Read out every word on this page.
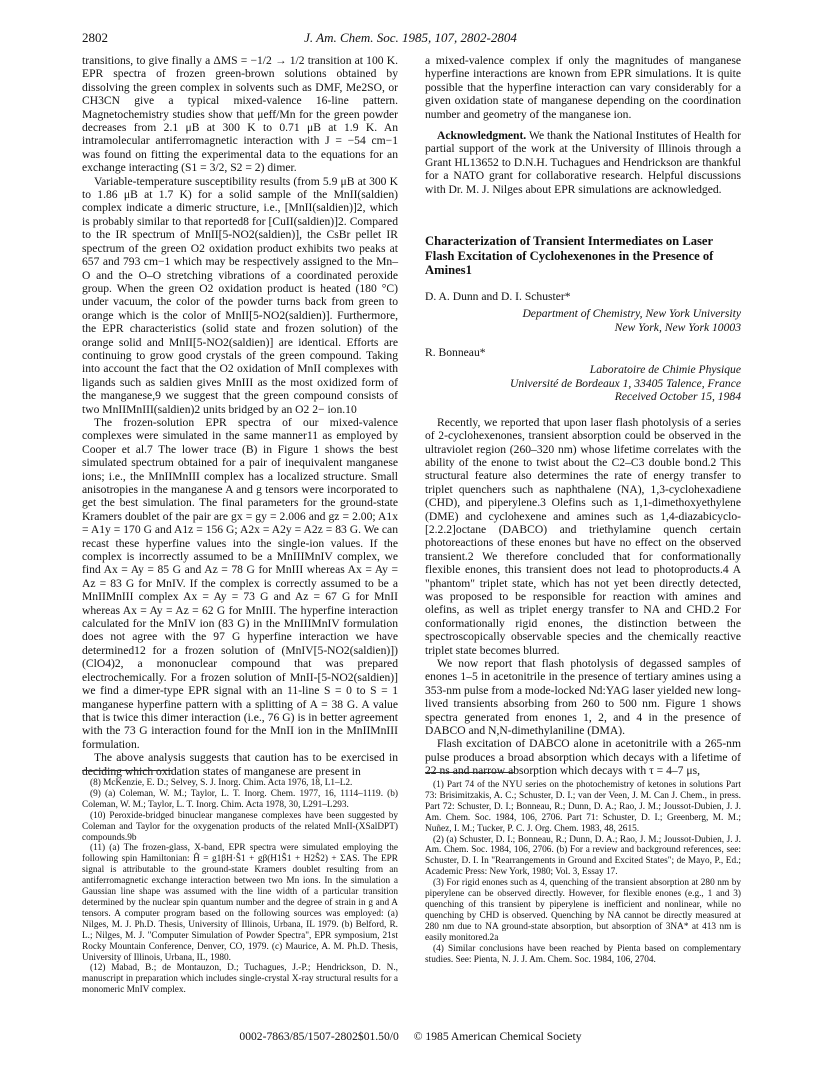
2802	J. Am. Chem. Soc. 1985, 107, 2802-2804

transitions, to give finally a ΔMS = −1/2 → 1/2 transition at 100 K. EPR spectra of frozen green-brown solutions obtained by dissolving the green complex in solvents such as DMF, Me2SO, or CH3CN give a typical mixed-valence 16-line pattern. Magnetochemistry studies show that μeff/Mn for the green powder decreases from 2.1 μB at 300 K to 0.71 μB at 1.9 K. An intramolecular antiferromagnetic interaction with J = −54 cm−1 was found on fitting the experimental data to the equations for an exchange interacting (S1 = 3/2, S2 = 2) dimer.

Variable-temperature susceptibility results (from 5.9 μB at 300 K to 1.86 μB at 1.7 K) for a solid sample of the MnII(saldien) complex indicate a dimeric structure, i.e., [MnII(saldien)]2, which is probably similar to that reported8 for [CuII(saldien)]2. Compared to the IR spectrum of MnII[5-NO2(saldien)], the CsBr pellet IR spectrum of the green O2 oxidation product exhibits two peaks at 657 and 793 cm−1 which may be respectively assigned to the Mn–O and the O–O stretching vibrations of a coordinated peroxide group. When the green O2 oxidation product is heated (180 °C) under vacuum, the color of the powder turns back from green to orange which is the color of MnII[5-NO2(saldien)]. Furthermore, the EPR characteristics (solid state and frozen solution) of the orange solid and MnII[5-NO2(saldien)] are identical. Efforts are continuing to grow good crystals of the green compound. Taking into account the fact that the O2 oxidation of MnII complexes with ligands such as saldien gives MnIII as the most oxidized form of the manganese,9 we suggest that the green compound consists of two MnIIMnIII(saldien)2 units bridged by an O2 2− ion.10

The frozen-solution EPR spectra of our mixed-valence complexes were simulated in the same manner11 as employed by Cooper et al.7 The lower trace (B) in Figure 1 shows the best simulated spectrum obtained for a pair of inequivalent manganese ions; i.e., the MnIIMnIII complex has a localized structure. Small anisotropies in the manganese A and g tensors were incorporated to get the best simulation. The final parameters for the ground-state Kramers doublet of the pair are gx = gy = 2.006 and gz = 2.00; A1x = A1y = 170 G and A1z = 156 G; A2x = A2y = A2z = 83 G. We can recast these hyperfine values into the single-ion values. If the complex is incorrectly assumed to be a MnIIIMnIV complex, we find Ax = Ay = 85 G and Az = 78 G for MnIII whereas Ax = Ay = Az = 83 G for MnIV. If the complex is correctly assumed to be a MnIIMnIII complex Ax = Ay = 73 G and Az = 67 G for MnII whereas Ax = Ay = Az = 62 G for MnIII. The hyperfine interaction calculated for the MnIV ion (83 G) in the MnIIIMnIV formulation does not agree with the 97 G hyperfine interaction we have determined12 for a frozen solution of (MnIV[5-NO2(saldien)])(ClO4)2, a mononuclear compound that was prepared electrochemically. For a frozen solution of MnII-[5-NO2(saldien)] we find a dimer-type EPR signal with an 11-line S = 0 to S = 1 manganese hyperfine pattern with a splitting of A = 38 G. A value that is twice this dimer interaction (i.e., 76 G) is in better agreement with the 73 G interaction found for the MnII ion in the MnIIMnIII formulation.

The above analysis suggests that caution has to be exercised in deciding which oxidation states of manganese are present in

(8) McKenzie, E. D.; Selvey, S. J. Inorg. Chim. Acta 1976, 18, L1–L2.

(9) (a) Coleman, W. M.; Taylor, L. T. Inorg. Chem. 1977, 16, 1114–1119. (b) Coleman, W. M.; Taylor, L. T. Inorg. Chim. Acta 1978, 30, L291–L293.

(10) Peroxide-bridged binuclear manganese complexes have been suggested by Coleman and Taylor for the oxygenation products of the related MnII-(XSalDPT) compounds.9b

(11) (a) The frozen-glass, X-band, EPR spectra were simulated employing the following spin Hamiltonian: Ĥ = g1βH·Ŝ1 + gβ(H1Ŝ1 + H2Ŝ2) + ΣAS. The EPR signal is attributable to the ground-state Kramers doublet resulting from an antiferromagnetic exchange interaction between two Mn ions. In the simulation a Gaussian line shape was assumed with the line width of a particular transition determined by the nuclear spin quantum number and the degree of strain in g and A tensors. A computer program based on the following sources was employed: (a) Nilges, M. J. Ph.D. Thesis, University of Illinois, Urbana, IL 1979. (b) Belford, R. L.; Nilges, M. J. "Computer Simulation of Powder Spectra", EPR symposium, 21st Rocky Mountain Conference, Denver, CO, 1979. (c) Maurice, A. M. Ph.D. Thesis, University of Illinois, Urbana, IL, 1980.

(12) Mabad, B.; de Montauzon, D.; Tuchagues, J.-P.; Hendrickson, D. N., manuscript in preparation which includes single-crystal X-ray structural results for a monomeric MnIV complex.

a mixed-valence complex if only the magnitudes of manganese hyperfine interactions are known from EPR simulations. It is quite possible that the hyperfine interaction can vary considerably for a given oxidation state of manganese depending on the coordination number and geometry of the manganese ion.

Acknowledgment. We thank the National Institutes of Health for partial support of the work at the University of Illinois through a Grant HL13652 to D.N.H. Tuchagues and Hendrickson are thankful for a NATO grant for collaborative research. Helpful discussions with Dr. M. J. Nilges about EPR simulations are acknowledged.

Characterization of Transient Intermediates on Laser Flash Excitation of Cyclohexenones in the Presence of Amines1

D. A. Dunn and D. I. Schuster*

Department of Chemistry, New York University

New York, New York 10003

R. Bonneau*

Laboratoire de Chimie Physique

Université de Bordeaux 1, 33405 Talence, France

Received October 15, 1984

Recently, we reported that upon laser flash photolysis of a series of 2-cyclohexenones, transient absorption could be observed in the ultraviolet region (260–320 nm) whose lifetime correlates with the ability of the enone to twist about the C2–C3 double bond.2 This structural feature also determines the rate of energy transfer to triplet quenchers such as naphthalene (NA), 1,3-cyclohexadiene (CHD), and piperylene.3 Olefins such as 1,1-dimethoxyethylene (DME) and cyclohexene and amines such as 1,4-diazabicyclo-[2.2.2]octane (DABCO) and triethylamine quench certain photoreactions of these enones but have no effect on the observed transient.2 We therefore concluded that for conformationally flexible enones, this transient does not lead to photoproducts.4 A "phantom" triplet state, which has not yet been directly detected, was proposed to be responsible for reaction with amines and olefins, as well as triplet energy transfer to NA and CHD.2 For conformationally rigid enones, the distinction between the spectroscopically observable species and the chemically reactive triplet state becomes blurred.

We now report that flash photolysis of degassed samples of enones 1–5 in acetonitrile in the presence of tertiary amines using a 353-nm pulse from a mode-locked Nd:YAG laser yielded new long-lived transients absorbing from 260 to 500 nm. Figure 1 shows spectra generated from enones 1, 2, and 4 in the presence of DABCO and N,N-dimethylaniline (DMA).

Flash excitation of DABCO alone in acetonitrile with a 265-nm pulse produces a broad absorption which decays with a lifetime of 22 ns and narrow absorption which decays with τ = 4–7 μs,

(1) Part 74 of the NYU series on the photochemistry of ketones in solutions Part 73: Brisimitzakis, A. C.; Schuster, D. I.; van der Veen, J. M. Can J. Chem., in press. Part 72: Schuster, D. I.; Bonneau, R.; Dunn, D. A.; Rao, J. M.; Joussot-Dubien, J. J. Am. Chem. Soc. 1984, 106, 2706. Part 71: Schuster, D. I.; Greenberg, M. M.; Nuñez, I. M.; Tucker, P. C. J. Org. Chem. 1983, 48, 2615.

(2) (a) Schuster, D. I.; Bonneau, R.; Dunn, D. A.; Rao, J. M.; Joussot-Dubien, J. J. Am. Chem. Soc. 1984, 106, 2706. (b) For a review and background references, see: Schuster, D. I. In "Rearrangements in Ground and Excited States"; de Mayo, P., Ed.; Academic Press: New York, 1980; Vol. 3, Essay 17.

(3) For rigid enones such as 4, quenching of the transient absorption at 280 nm by piperylene can be observed directly. However, for flexible enones (e.g., 1 and 3) quenching of this transient by piperylene is inefficient and nonlinear, while no quenching by CHD is observed. Quenching by NA cannot be directly measured at 280 nm due to NA ground-state absorption, but absorption of 3NA* at 413 nm is easily monitored.2a

(4) Similar conclusions have been reached by Pienta based on complementary studies. See: Pienta, N. J. J. Am. Chem. Soc. 1984, 106, 2704.

0002-7863/85/1507-2802$01.50/0 © 1985 American Chemical Society
